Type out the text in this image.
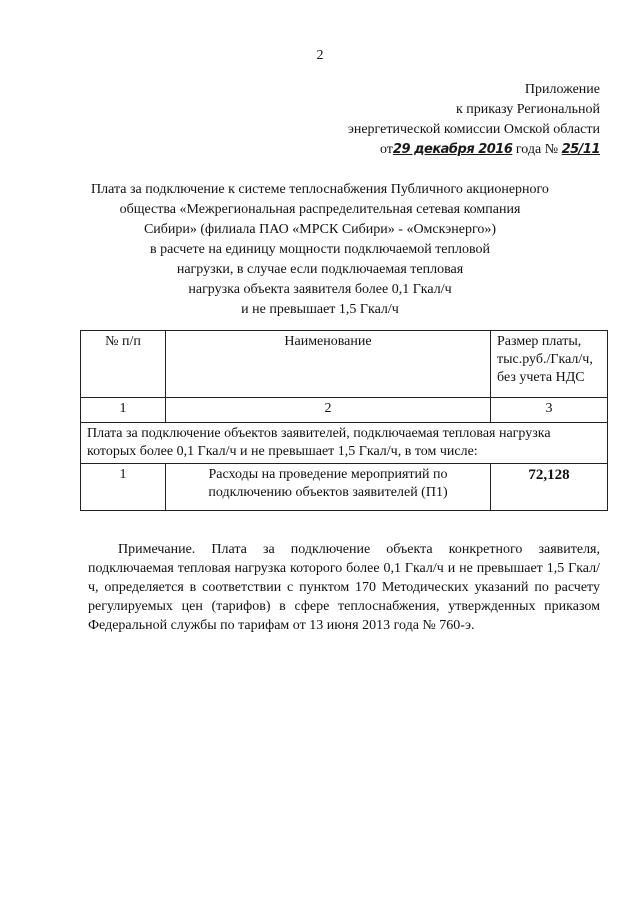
2
Приложение
к приказу Региональной
энергетической комиссии Омской области
от29 декабря 2016 года № 25/11
Плата за подключение к системе теплоснабжения Публичного акционерного
общества «Межрегиональная распределительная сетевая компания
Сибири» (филиала ПАО «МРСК Сибири» - «Омскэнерго»)
в расчете на единицу мощности подключаемой тепловой
нагрузки, в случае если подключаемая тепловая
нагрузка объекта заявителя более 0,1 Гкал/ч
и не превышает 1,5 Гкал/ч
№ п/п	Наименование	Размер платы, тыс.руб./Гкал/ч, без учета НДС
1	2	3
Плата за подключение объектов заявителей, подключаемая тепловая нагрузка которых более 0,1 Гкал/ч и не превышает 1,5 Гкал/ч, в том числе:		
1	Расходы на проведение мероприятий по подключению объектов заявителей (П1)	72,128
Примечание. Плата за подключение объекта конкретного заявителя, подключаемая тепловая нагрузка которого более 0,1 Гкал/ч и не превышает 1,5 Гкал/ч, определяется в соответствии с пунктом 170 Методических указаний по расчету регулируемых цен (тарифов) в сфере теплоснабжения, утвержденных приказом Федеральной службы по тарифам от 13 июня 2013 года № 760-э.
